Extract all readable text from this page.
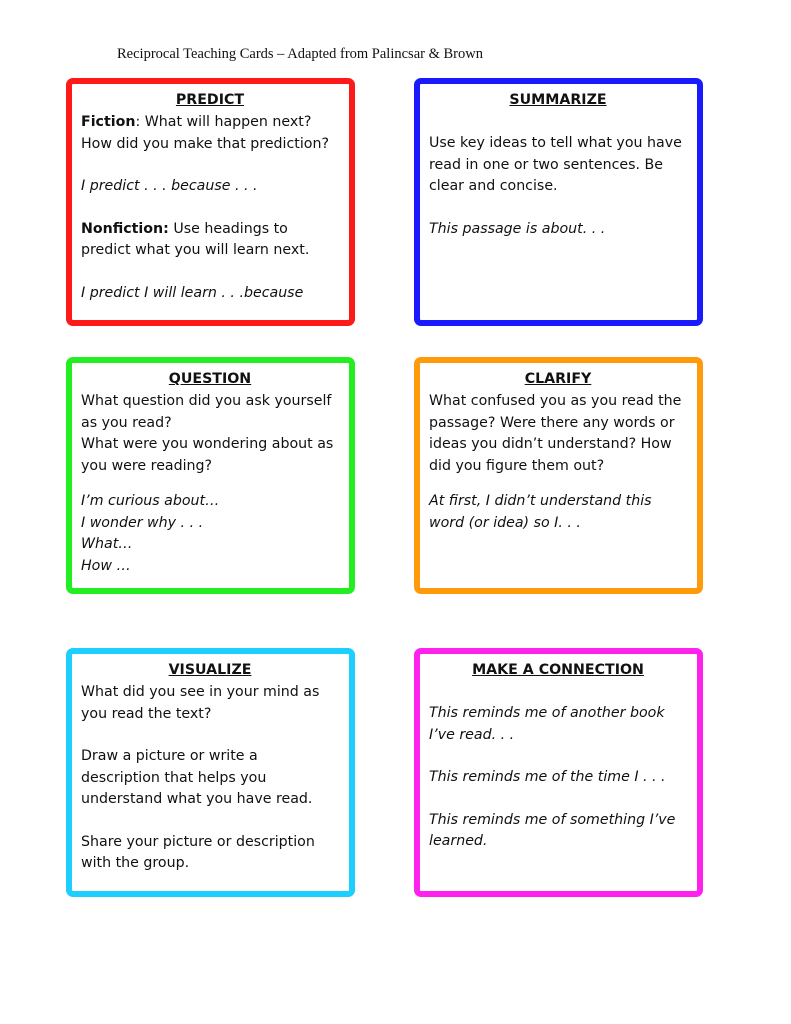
Reciprocal Teaching Cards – Adapted from Palincsar & Brown
PREDICT

Fiction: What will happen next? How did you make that prediction?

I predict . . . because . . .

Nonfiction: Use headings to predict what you will learn next.

I predict I will learn . . .because

SUMMARIZE

Use key ideas to tell what you have read in one or two sentences. Be clear and concise.

This passage is about. . .

QUESTION

What question did you ask yourself as you read?

What were you wondering about as you were reading?

I’m curious about…

I wonder why . . .

What…

How …

CLARIFY

What confused you as you read the passage? Were there any words or ideas you didn’t understand? How did you figure them out?

At first, I didn’t understand this word (or idea) so I. . .

VISUALIZE

What did you see in your mind as you read the text?

Draw a picture or write a description that helps you understand what you have read.

Share your picture or description with the group.

MAKE A CONNECTION

This reminds me of another book I’ve read. . .

This reminds me of the time I . . .

This reminds me of something I’ve learned.
